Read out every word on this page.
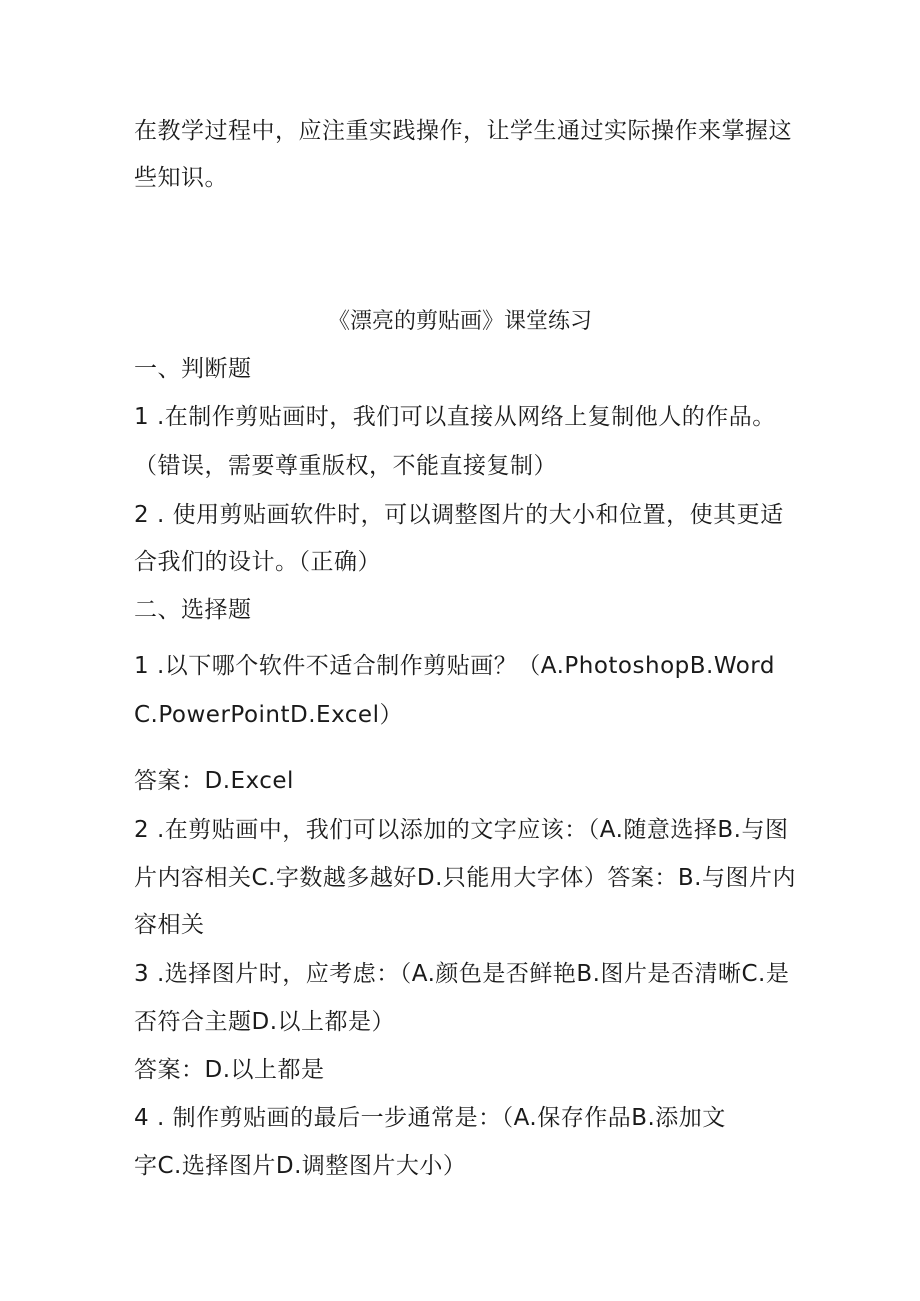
在教学过程中，应注重实践操作，让学生通过实际操作来掌握这
些知识。
《漂亮的剪贴画》课堂练习
一、判断题
1 .在制作剪贴画时，我们可以直接从网络上复制他人的作品。
（错误，需要尊重版权，不能直接复制）
2 . 使用剪贴画软件时，可以调整图片的大小和位置，使其更适
合我们的设计。（正确）
二、选择题
1 .以下哪个软件不适合制作剪贴画？（A.PhotoshopB.Word
C.PowerPointD.Excel）
答案：D.Excel
2 .在剪贴画中，我们可以添加的文字应该：（A.随意选择B.与图
片内容相关C.字数越多越好D.只能用大字体）答案：B.与图片内
容相关
3 .选择图片时，应考虑：（A.颜色是否鲜艳B.图片是否清晰C.是
否符合主题D.以上都是）
答案：D.以上都是
4 . 制作剪贴画的最后一步通常是：（A.保存作品B.添加文
字C.选择图片D.调整图片大小）
